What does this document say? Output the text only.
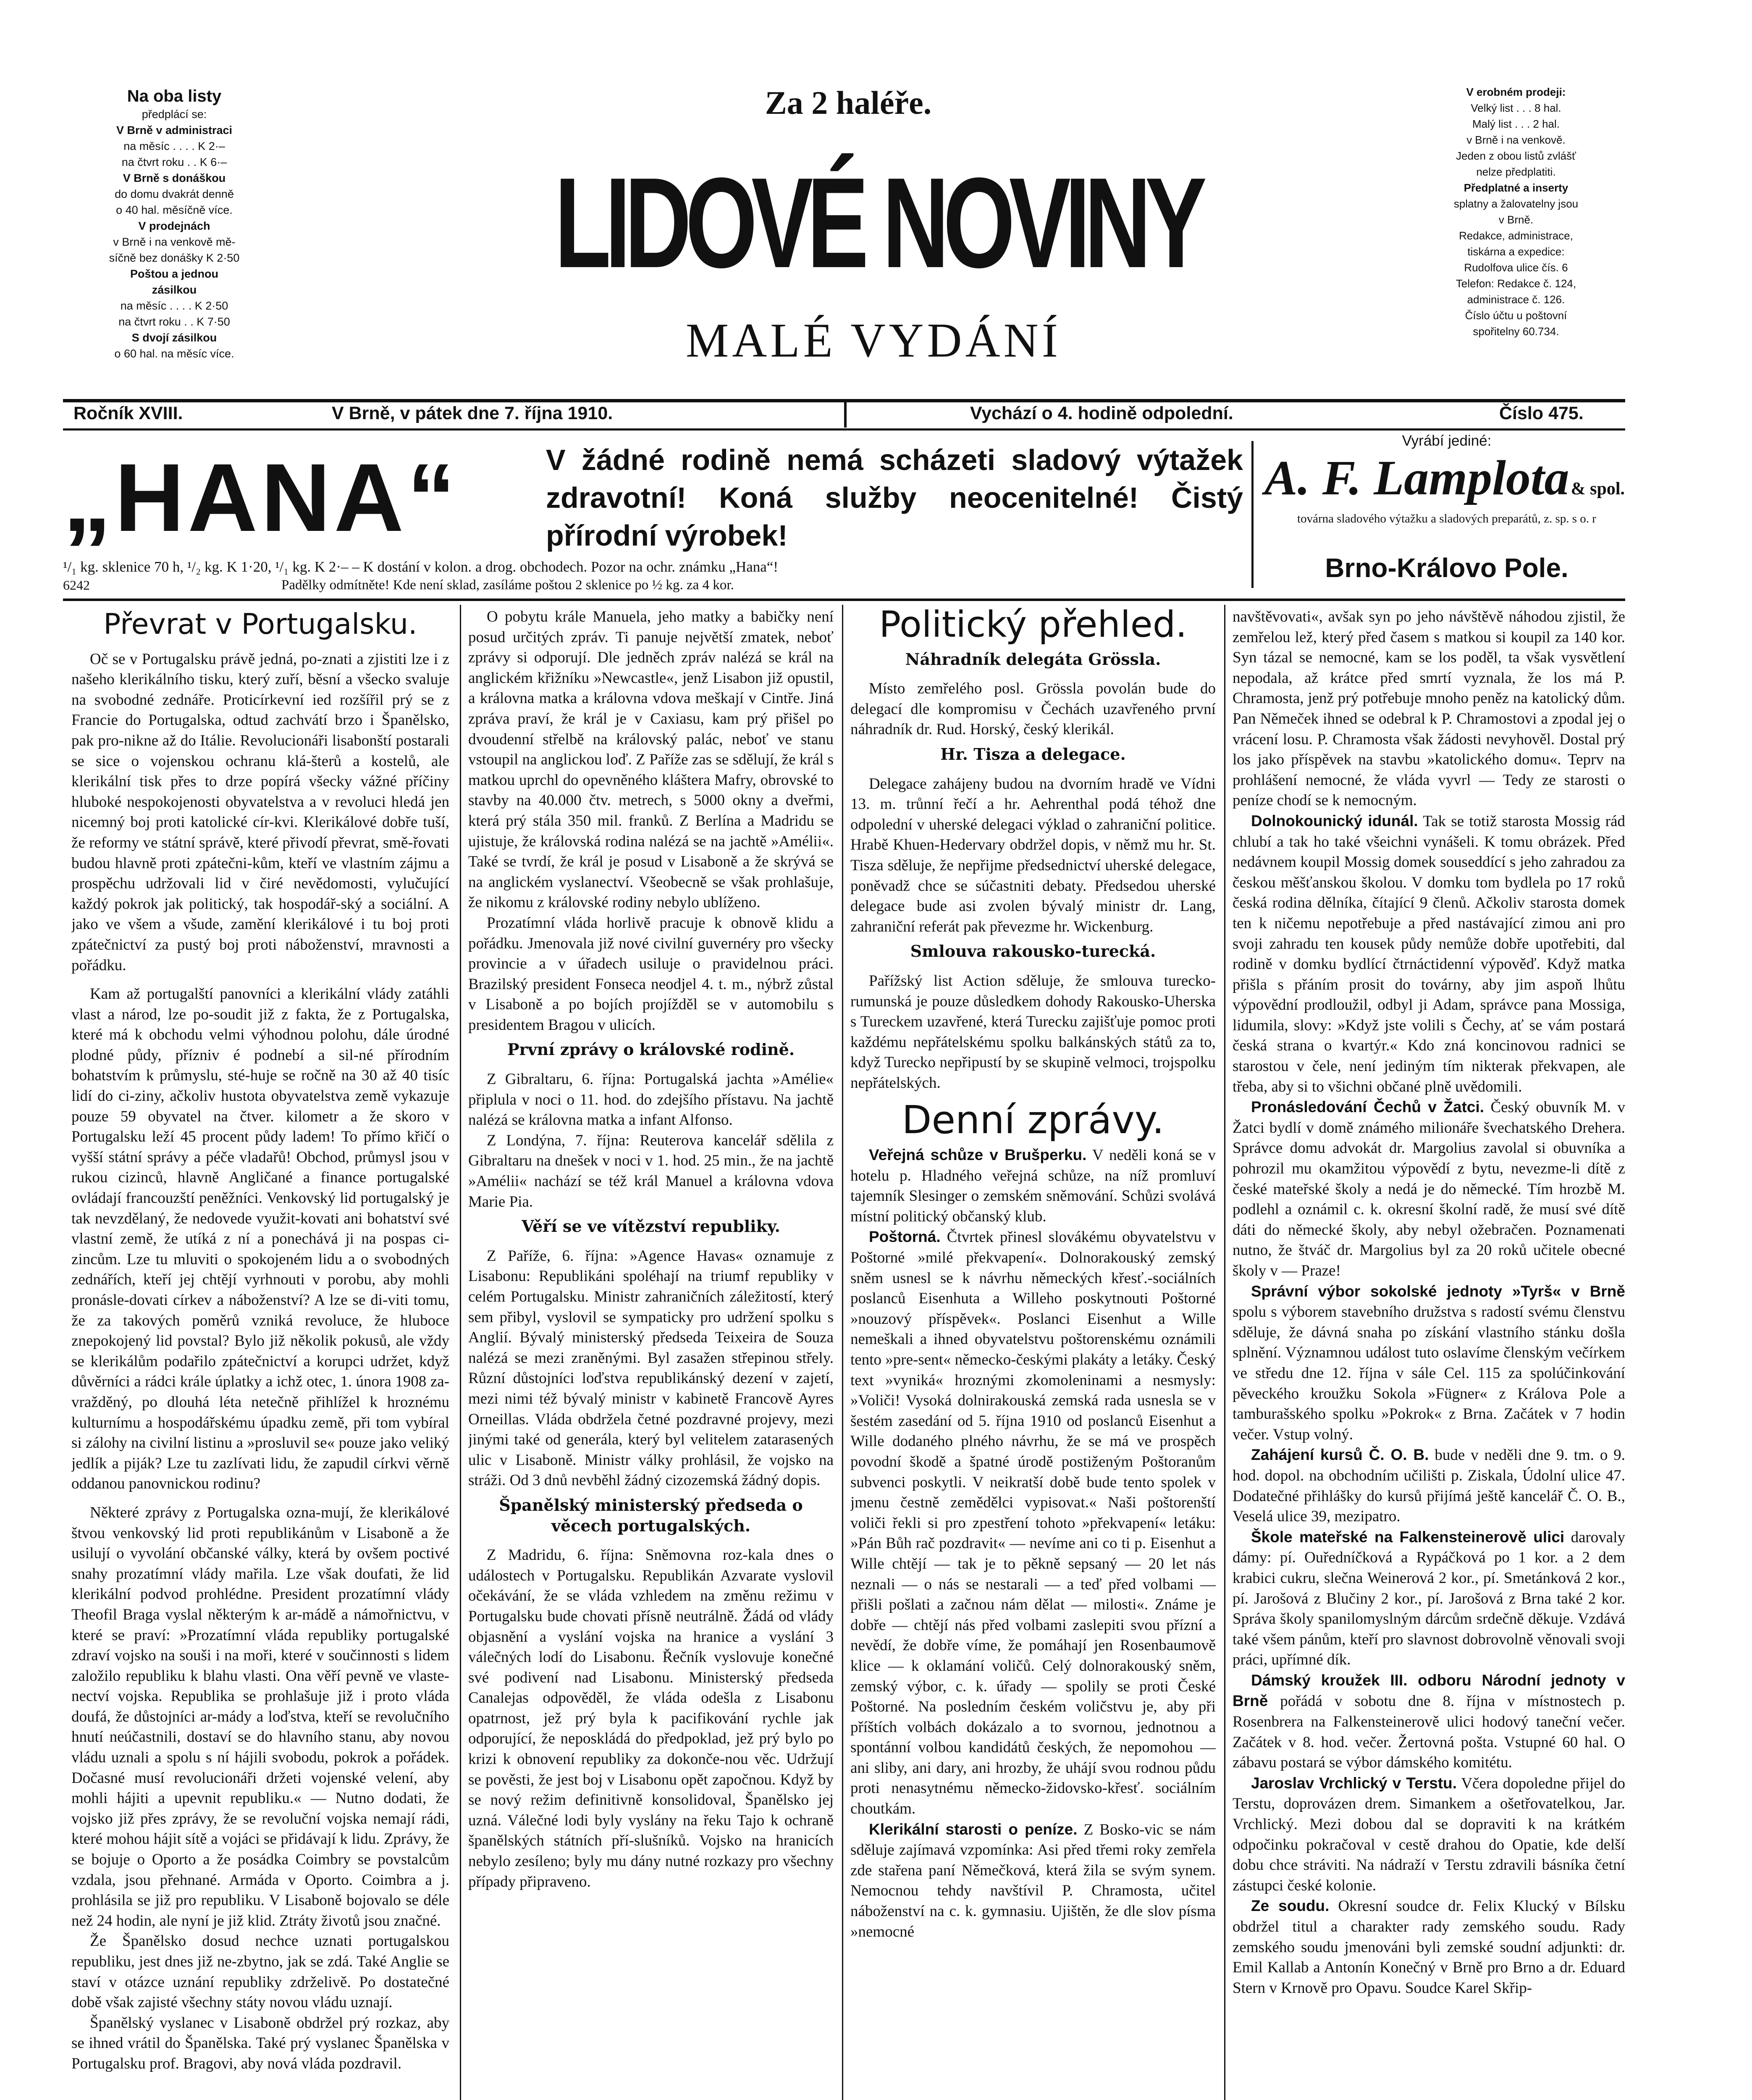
Na oba listy
předplácí se:
V Brně v administraci
na měsíc . . . . K 2·–
na čtvrt roku . . K 6·–
V Brně s donáškou
do domu dvakrát denně
o 40 hal. měsíčně více.
V prodejnách
v Brně i na venkově mě-
síčně bez donášky K 2·50
Poštou a jednou
zásilkou
na měsíc . . . . K 2·50
na čtvrt roku . . K 7·50
S dvojí zásilkou
o 60 hal. na měsíc více.
Za 2 haléře.
LIDOVÉ NOVINY
MALÉ VYDÁNÍ
V erobném prodeji:
Velký list . . . 8 hal.
Malý list . . . 2 hal.
v Brně i na venkově.
Jeden z obou listů zvlášť
nelze předplatiti.
Předplatné a inserty
splatny a žalovatelny jsou
v Brně.
Redakce, administrace,
tiskárna a expedice:
Rudolfova ulice čís. 6
Telefon: Redakce č. 124,
administrace č. 126.
Číslo účtu u poštovní
spořitelny 60.734.
Ročník XVIII.	V Brně, v pátek dne 7. října 1910.	Vychází o 4. hodině odpolední.	Číslo 475.
„HANA“	V žádné rodině nemá scházeti sladový výtažek zdravotní! Koná služby neocenitelné! Čistý přírodní výrobek!
¹/₁ kg. sklenice 70 h, ¹/₂ kg. K 1·20, ¹/₁ kg. K 2·– – K dostání v kolon. a drog. obchodech. Pozor na ochr. známku „Hana“!
6242	Padělky odmítněte! Kde není sklad, zasíláme poštou 2 sklenice po ½ kg. za 4 kor.
Vyrábí jediné:
A. F. Lamplota & spol.
továrna sladového výtažku a sladových preparátů, z. sp. s o. r
Brno-Královo Pole.
Převrat v Portugalsku.

Oč se v Portugalsku právě jedná, po-znati a zjistiti lze i z našeho klerikálního tisku, který zuří, běsní a všecko svaluje na svobodné zednáře. Proticírkevní ied rozšířil prý se z Francie do Portugalska, odtud zachvátí brzo i Španělsko, pak pro-nikne až do Itálie. Revolucionáři lisabonští postarali se sice o vojenskou ochranu klá-šterů a kostelů, ale klerikální tisk přes to drze popírá všecky vážné příčiny hluboké nespokojenosti obyvatelstva a v revoluci hledá jen nicemný boj proti katolické cír-kvi. Klerikálové dobře tuší, že reformy ve státní správě, které přivodí převrat, smě-řovati budou hlavně proti zpátečni-kům, kteří ve vlastním zájmu a prospěchu udržovali lid v čiré nevědomosti, vylučující každý pokrok jak politický, tak hospodář-ský a sociální. A jako ve všem a všude, zamění klerikálové i tu boj proti zpátečnictví za pustý boj proti náboženství, mravnosti a pořádku.

Kam až portugalští panovníci a klerikální vlády zatáhli vlast a národ, lze po-soudit již z fakta, že z Portugalska, které má k obchodu velmi výhodnou polohu, dále úrodné plodné půdy, přízniv é podnebí a sil-né přírodním bohatstvím k průmyslu, sté-huje se ročně na 30 až 40 tisíc lidí do ci-ziny, ačkoliv hustota obyvatelstva země vykazuje pouze 59 obyvatel na čtver. kilometr a že skoro v Portugalsku leží 45 procent půdy ladem! To přímo křičí o vyšší státní správy a péče vladařů! Obchod, průmysl jsou v rukou cizinců, hlavně Angličané a finance portugalské ovládají francouzští peněžníci. Venkovský lid portugalský je tak nevzdělaný, že nedovede využit-kovati ani bohatství své vlastní země, že utíká z ní a ponechává ji na pospas ci-zincům. Lze tu mluviti o spokojeném lidu a o svobodných zednářích, kteří jej chtějí vyrhnouti v porobu, aby mohli pronásle-dovati církev a náboženství? A lze se di-viti tomu, že za takových poměrů vzniká revoluce, že hluboce znepokojený lid povstal? Bylo již několik pokusů, ale vždy se klerikálům podařilo zpátečnictví a korupci udržet, když důvěrníci a rádci krále úplatky a ichž otec, 1. února 1908 za-vražděný, po dlouhá léta netečně přihlížel k hroznému kulturnímu a hospodářskému úpadku země, při tom vybíral si zálohy na civilní listinu a »prosluvil se« pouze jako veliký jedlík a piják? Lze tu zazlívati lidu, že zapudil církvi věrně oddanou panovnickou rodinu?

Některé zprávy z Portugalska ozna-mují, že klerikálové štvou venkovský lid proti republikánům v Lisaboně a že usilují o vyvolání občanské války, která by ovšem poctivé snahy prozatímní vlády mařila. Lze však doufati, že lid klerikální podvod prohlédne. President prozatímní vlády Theofil Braga vyslal některým k ar-mádě a námořnictvu, v které se praví: »Prozatímní vláda republiky portugalské zdraví vojsko na souši i na moři, které v součinnosti s lidem založilo republiku k blahu vlasti. Ona věří pevně ve vlaste-nectví vojska. Republika se prohlašuje již i proto vláda doufá, že důstojníci ar-mády a loďstva, kteří se revolučního hnutí neúčastnili, dostaví se do hlavního stanu, aby novou vládu uznali a spolu s ní hájili svobodu, pokrok a pořádek. Dočasné musí revolucionáři držeti vojenské velení, aby mohli hájiti a upevnit republiku.« — Nutno dodati, že vojsko již přes zprávy, že se revoluční vojska nemají rádi, které mohou hájit sítě a vojáci se přidávají k lidu. Zprávy, že se bojuje o Oporto a že posádka Coimbry se povstalcům vzdala, jsou přehnané. Armáda v Oporto. Coimbra a j. prohlásila se již pro republiku. V Lisaboně bojovalo se déle než 24 hodin, ale nyní je již klid. Ztráty životů jsou značné.

Že Španělsko dosud nechce uznati portugalskou republiku, jest dnes již ne-zbytno, jak se zdá. Také Anglie se staví v otázce uznání republiky zdrželivě. Po dostatečné době však zajisté všechny státy novou vládu uznají.

Španělský vyslanec v Lisaboně obdržel prý rozkaz, aby se ihned vrátil do Španělska. Také prý vyslanec Španělska v Portugalsku prof. Bragovi, aby nová vláda pozdravil.

O pobytu krále Manuela, jeho matky a babičky není posud určitých zpráv. Ti panuje největší zmatek, neboť zprávy si odporují. Dle jedněch zpráv nalézá se král na anglickém křižníku »Newcastle«, jenž Lisabon již opustil, a královna matka a královna vdova meškají v Cintře. Jiná zpráva praví, že král je v Caxiasu, kam prý přišel po dvoudenní střelbě na královský palác, neboť ve stanu vstoupil na anglickou loď. Z Paříže zas se sdělují, že král s matkou uprchl do opevněného kláštera Mafry, obrovské to stavby na 40.000 čtv. metrech, s 5000 okny a dveřmi, která prý stála 350 mil. franků. Z Berlína a Madridu se ujistuje, že královská rodina nalézá se na jachtě »Amélii«. Také se tvrdí, že král je posud v Lisaboně a že skrývá se na anglickém vyslanectví. Všeobecně se však prohlašuje, že nikomu z královské rodiny nebylo ublíženo.

Prozatímní vláda horlivě pracuje k obnově klidu a pořádku. Jmenovala již nové civilní guvernéry pro všecky provincie a v úřadech usiluje o pravidelnou práci. Brazilský president Fonseca neodjel 4. t. m., nýbrž zůstal v Lisaboně a po bojích projížděl se v automobilu s presidentem Bragou v ulicích.

První zprávy o královské rodině.

Z Gibraltaru, 6. října: Portugalská jachta »Amélie« připlula v noci o 11. hod. do zdejšího přístavu. Na jachtě nalézá se královna matka a infant Alfonso.

Z Londýna, 7. října: Reuterova kancelář sdělila z Gibraltaru na dnešek v noci v 1. hod. 25 min., že na jachtě »Amélii« nachází se též král Manuel a královna vdova Marie Pia.

Věří se ve vítězství republiky.

Z Paříže, 6. října: »Agence Havas« oznamuje z Lisabonu: Republikáni spoléhají na triumf republiky v celém Portugalsku. Ministr zahraničních záležitostí, který sem přibyl, vyslovil se sympaticky pro udržení spolku s Anglií. Bývalý ministerský předseda Teixeira de Souza nalézá se mezi zraněnými. Byl zasažen střepinou střely. Různí důstojníci loďstva republikánský dezení v zajetí, mezi nimi též bývalý ministr v kabinetě Francově Ayres Orneillas. Vláda obdržela četné pozdravné projevy, mezi jinými také od generála, který byl velitelem zatarasených ulic v Lisaboně. Ministr války prohlásil, že vojsko na stráži. Od 3 dnů nevběhl žádný cizozemská žádný dopis.

Španělský ministerský předseda o věcech portugalských.

Z Madridu, 6. října: Sněmovna roz-kala dnes o událostech v Portugalsku. Republikán Azvarate vyslovil očekávání, že se vláda vzhledem na změnu režimu v Portugalsku bude chovati přísně neutrálně. Žádá od vlády objasnění a vyslání vojska na hranice a vyslání 3 válečných lodí do Lisabonu. Řečník vyslovuje konečné své podivení nad Lisabonu. Ministerský předseda Canalejas odpověděl, že vláda odešla z Lisabonu opatrnost, jež prý byla k pacifikování rychle jak odporující, že neposkládá do předpoklad, jež prý bylo po krizi k obnovení republiky za dokonče-nou věc. Udržují se pověsti, že jest boj v Lisabonu opět započnou. Když by se nový režim definitivně konsolidoval, Španělsko jej uzná. Válečné lodi byly vyslány na řeku Tajo k ochraně španělských státních pří-slušníků. Vojsko na hranicích nebylo zesíleno; byly mu dány nutné rozkazy pro všechny případy připraveno.

Politický přehled.
Náhradník delegáta Grössla.

Místo zemřelého posl. Grössla povolán bude do delegací dle kompromisu v Čechách uzavřeného první náhradník dr. Rud. Horský, český klerikál.

Hr. Tisza a delegace.

Delegace zahájeny budou na dvorním hradě ve Vídni 13. m. trůnní řečí a hr. Aehrenthal podá téhož dne odpolední v uherské delegaci výklad o zahraniční politice. Hrabě Khuen-Hedervary obdržel dopis, v němž mu hr. St. Tisza sděluje, že nepřijme předsednictví uherské delegace, poněvadž chce se súčastniti debaty. Předsedou uherské delegace bude asi zvolen bývalý ministr dr. Lang, zahraniční referát pak převezme hr. Wickenburg.

Smlouva rakousko-turecká.

Pařížský list Action sděluje, že smlouva turecko-rumunská je pouze důsledkem dohody Rakousko-Uherska s Tureckem uzavřené, která Turecku zajišťuje pomoc proti každému nepřátelskému spolku balkánských států za to, když Turecko nepřipustí by se skupině velmoci, trojspolku nepřátelských.

Denní zprávy.

Veřejná schůze v Brušperku. V neděli koná se v hotelu p. Hladného veřejná schůze, na níž promluví tajemník Slesinger o zemském sněmování. Schůzi svolává místní politický občanský klub.

Poštorná. Čtvrtek přinesl slovákému obyvatelstvu v Poštorné »milé překvapení«. Dolnorakouský zemský sněm usnesl se k návrhu německých křesť.-sociálních poslanců Eisenhuta a Willeho poskytnouti Poštorné »nouzový příspěvek«. Poslanci Eisenhut a Wille nemeškali a ihned obyvatelstvu poštorenskému oznámili tento »pre-sent« německo-českými plakáty a letáky. Český text »vyniká« hroznými zkomoleninami a nesmysly: »Voliči! Vysoká dolnirakouská zemská rada usnesla se v šestém zasedání od 5. října 1910 od poslanců Eisenhut a Wille dodaného plného návrhu, že se má ve prospěch povodní škodě a špatné úrodě postiženým Poštoranům subvenci poskytli. V neikratší době bude tento spolek v jmenu čestně zemědělci vypisovat.« Naši poštorenští voliči řekli si pro zpestření tohoto »překvapení« letáku: »Pán Bůh rač pozdravit« — nevíme ani co ti p. Eisenhut a Wille chtějí — tak je to pěkně sepsaný — 20 let nás neznali — o nás se nestarali — a teď před volbami — přišli pošlati a začnou nám dělat — milosti«. Známe je dobře — chtějí nás před volbami zaslepiti svou přízní a nevědí, že dobře víme, že pomáhají jen Rosenbaumově klice — k oklamání voličů. Celý dolnorakouský sněm, zemský výbor, c. k. úřady — spolily se proti České Poštorné. Na posledním českém voličstvu je, aby při příštích volbách dokázalo a to svornou, jednotnou a spontánní volbou kandidátů českých, že nepomohou — ani sliby, ani dary, ani hrozby, že uhájí svou rodnou půdu proti nenasytnému německo-židovsko-křesť. sociálním choutkám.

Klerikální starosti o peníze. Z Bosko-vic se nám sděluje zajímavá vzpomínka: Asi před třemi roky zemřela zde stařena paní Němečková, která žila se svým synem. Nemocnou tehdy navštívil P. Chramosta, učitel náboženství na c. k. gymnasiu. Ujištěn, že dle slov písma »nemocné

navštěvovati«, avšak syn po jeho návštěvě náhodou zjistil, že zemřelou lež, který před časem s matkou si koupil za 140 kor. Syn tázal se nemocné, kam se los poděl, ta však vysvětlení nepodala, až krátce před smrtí vyznala, že los má P. Chramosta, jenž prý potřebuje mnoho peněz na katolický dům. Pan Němeček ihned se odebral k P. Chramostovi a zpodal jej o vrácení losu. P. Chramosta však žádosti nevyhověl. Dostal prý los jako příspěvek na stavbu »katolického domu«. Teprv na prohlášení nemocné, že vláda vyvrl — Tedy ze starosti o peníze chodí se k nemocným.

Dolnokounický idunál. Tak se totiž starosta Mossig rád chlubí a tak ho také všeichni vynášeli. K tomu obrázek. Před nedávnem koupil Mossig domek souseddící s jeho zahradou za českou měšťanskou školou. V domku tom bydlela po 17 roků česká rodina dělníka, čítající 9 členů. Ačkoliv starosta domek ten k ničemu nepotřebuje a před nastávající zimou ani pro svoji zahradu ten kousek půdy nemůže dobře upotřebiti, dal rodině v domku bydlící čtrnáctidenní výpověď. Když matka přišla s přáním prosit do továrny, aby jim aspoň lhůtu výpovědní prodloužil, odbyl ji Adam, správce pana Mossiga, lidumila, slovy: »Když jste volili s Čechy, ať se vám postará česká strana o kvartýr.« Kdo zná koncinovou radnici se starostou v čele, není jediným tím nikterak překvapen, ale třeba, aby si to všichni občané plně uvědomili.

Pronásledování Čechů v Žatci. Český obuvník M. v Žatci bydlí v domě známého milionáře švechatského Drehera. Správce domu advokát dr. Margolius zavolal si obuvníka a pohrozil mu okamžitou výpovědí z bytu, nevezme-li dítě z české mateřské školy a nedá je do německé. Tím hrozbě M. podlehl a oznámil c. k. okresní školní radě, že musí své dítě dáti do německé školy, aby nebyl ožebračen. Poznamenati nutno, že štváč dr. Margolius byl za 20 roků učitele obecné školy v — Praze!

Správní výbor sokolské jednoty »Tyrš« v Brně spolu s výborem stavebního družstva s radostí svému členstvu sděluje, že dávná snaha po získání vlastního stánku došla splnění. Významnou událost tuto oslavíme členským večírkem ve středu dne 12. října v sále Cel. 115 za spolúčinkování pěveckého kroužku Sokola »Fügner« z Králova Pole a tamburašského spolku »Pokrok« z Brna. Začátek v 7 hodin večer. Vstup volný.

Zahájení kursů Č. O. B. bude v neděli dne 9. tm. o 9. hod. dopol. na obchodním učilišti p. Ziskala, Údolní ulice 47. Dodatečné přihlášky do kursů přijímá ještě kancelář Č. O. B., Veselá ulice 39, mezipatro.

Škole mateřské na Falkensteinerově ulici darovaly dámy: pí. Ouředníčková a Rypáčková po 1 kor. a 2 dem krabici cukru, slečna Weinerová 2 kor., pí. Smetánková 2 kor., pí. Jarošová z Blučiny 2 kor., pí. Jarošová z Brna také 2 kor. Správa školy spanilomyslným dárcům srdečně děkuje. Vzdává také všem pánům, kteří pro slavnost dobrovolně věnovali svoji práci, upřímné dík.

Dámský kroužek III. odboru Národní jednoty v Brně pořádá v sobotu dne 8. října v místnostech p. Rosenbrera na Falkensteinerově ulici hodový taneční večer. Začátek v 8. hod. večer. Žertovná pošta. Vstupné 60 hal. O zábavu postará se výbor dámského komitétu.

Jaroslav Vrchlický v Terstu. Včera dopoledne přijel do Terstu, doprovázen drem. Simankem a ošetřovatelkou, Jar. Vrchlický. Mezi dobou dal se dopraviti k na krátkém odpočinku pokračoval v cestě drahou do Opatie, kde delší dobu chce stráviti. Na nádraží v Terstu zdravili básníka četní zástupci české kolonie.

Ze soudu. Okresní soudce dr. Felix Klucký v Bílsku obdržel titul a charakter rady zemského soudu. Rady zemského soudu jmenováni byli zemské soudní adjunkti: dr. Emil Kallab a Antonín Konečný v Brně pro Brno a dr. Eduard Stern v Krnově pro Opavu. Soudce Karel Skřip-
